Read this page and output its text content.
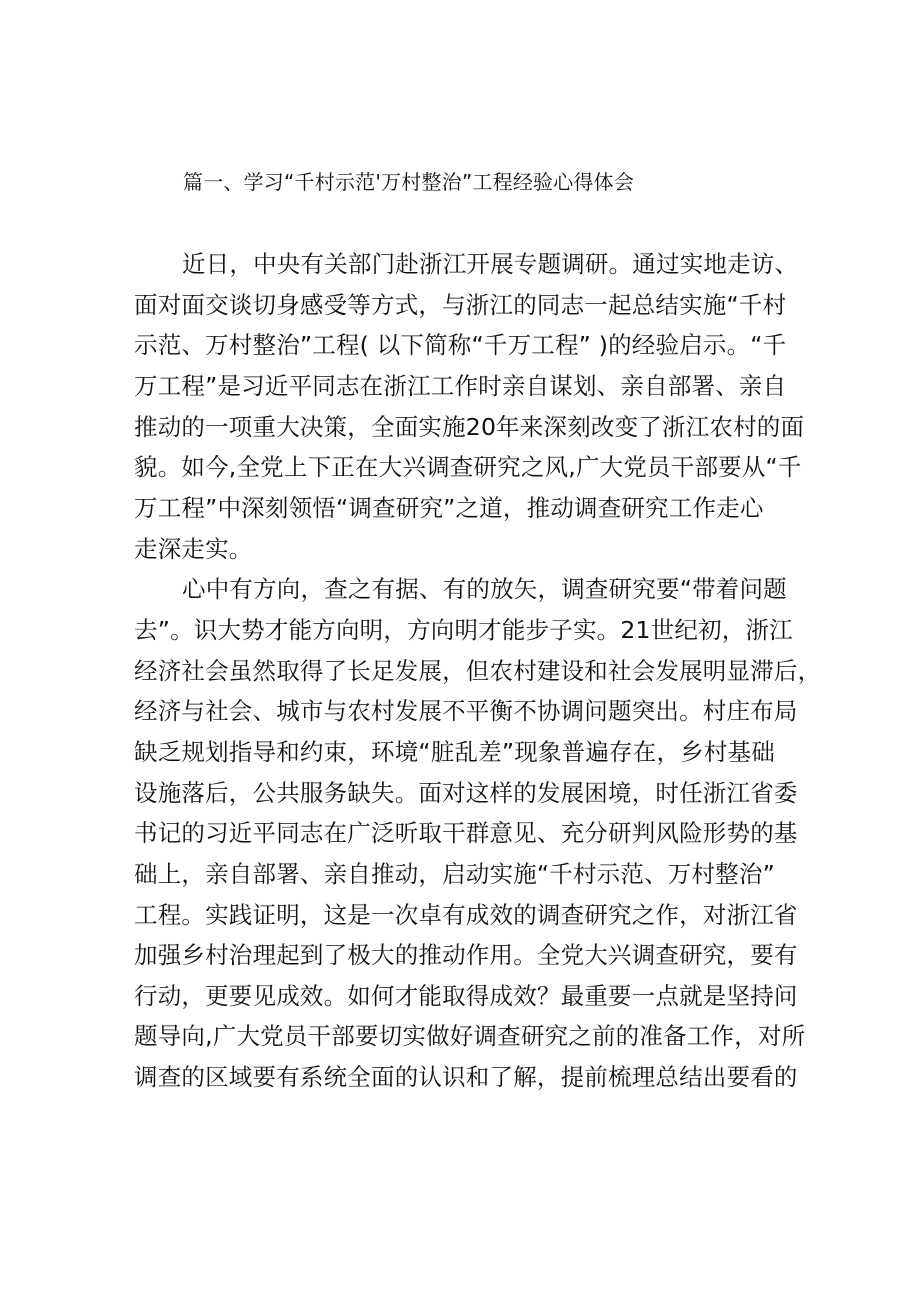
篇一、学习“千村示范'万村整治”工程经验心得体会
近日，中央有关部门赴浙江开展专题调研。通过实地走访、
面对面交谈切身感受等方式，与浙江的同志一起总结实施“千村
示范、万村整治”工程( 以下简称“千万工程” )的经验启示。“千
万工程”是习近平同志在浙江工作时亲自谋划、亲自部署、亲自
推动的一项重大决策，全面实施20年来深刻改变了浙江农村的面
貌。如今,全党上下正在大兴调查研究之风,广大党员干部要从“千
万工程”中深刻领悟“调查研究”之道，推动调查研究工作走心
走深走实。
心中有方向，查之有据、有的放矢，调查研究要“带着问题
去”。识大势才能方向明，方向明才能步子实。21世纪初，浙江
经济社会虽然取得了长足发展，但农村建设和社会发展明显滞后，
经济与社会、城市与农村发展不平衡不协调问题突出。村庄布局
缺乏规划指导和约束，环境“脏乱差”现象普遍存在，乡村基础
设施落后，公共服务缺失。面对这样的发展困境，时任浙江省委
书记的习近平同志在广泛听取干群意见、充分研判风险形势的基
础上，亲自部署、亲自推动，启动实施“千村示范、万村整治”
工程。实践证明，这是一次卓有成效的调查研究之作，对浙江省
加强乡村治理起到了极大的推动作用。全党大兴调查研究，要有
行动，更要见成效。如何才能取得成效？最重要一点就是坚持问
题导向,广大党员干部要切实做好调查研究之前的准备工作，对所
调查的区域要有系统全面的认识和了解，提前梳理总结出要看的
